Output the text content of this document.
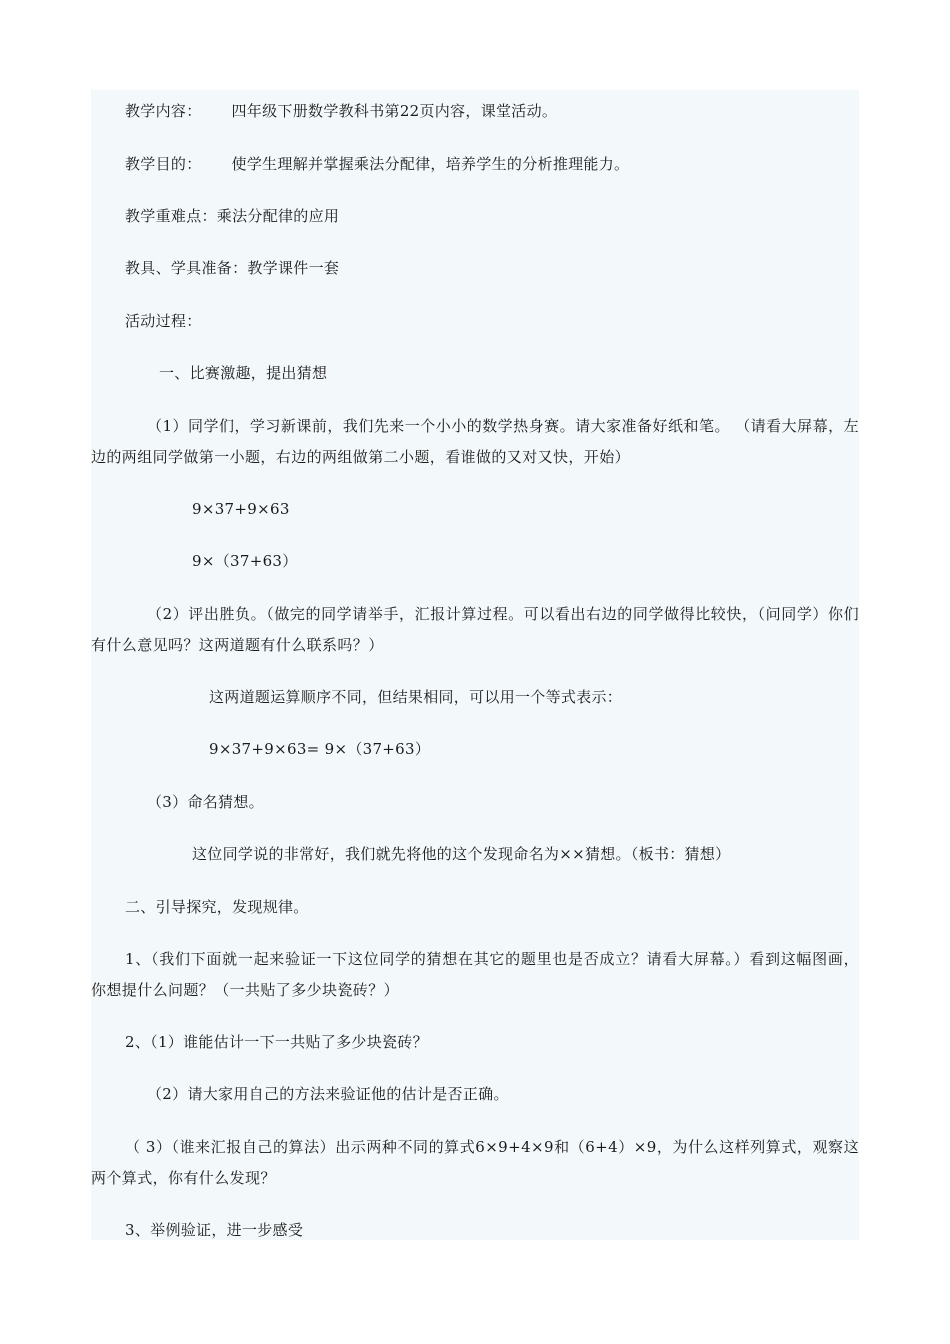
教学内容： 四年级下册数学教科书第22页内容，课堂活动。
教学目的： 使学生理解并掌握乘法分配律，培养学生的分析推理能力。
教学重难点：乘法分配律的应用
教具、学具准备：教学课件一套
活动过程：
一、比赛激趣，提出猜想
（1）同学们，学习新课前，我们先来一个小小的数学热身赛。请大家准备好纸和笔。 （请看大屏幕，左边的两组同学做第一小题，右边的两组做第二小题，看谁做的又对又快，开始）
9×37+9×63
9×（37+63）
（2）评出胜负。（做完的同学请举手，汇报计算过程。可以看出右边的同学做得比较快，（问同学）你们有什么意见吗？这两道题有什么联系吗？）
这两道题运算顺序不同，但结果相同，可以用一个等式表示：
9×37+9×63= 9×（37+63）
（3）命名猜想。
这位同学说的非常好，我们就先将他的这个发现命名为××猜想。（板书：猜想）
二、引导探究，发现规律。
1、（我们下面就一起来验证一下这位同学的猜想在其它的题里也是否成立？请看大屏幕。）看到这幅图画，你想提什么问题？（一共贴了多少块瓷砖？）
2、（1）谁能估计一下一共贴了多少块瓷砖？
（2）请大家用自己的方法来验证他的估计是否正确。
（ 3）（谁来汇报自己的算法）出示两种不同的算式6×9+4×9和（6+4）×9，为什么这样列算式，观察这两个算式，你有什么发现？
3、举例验证，进一步感受
